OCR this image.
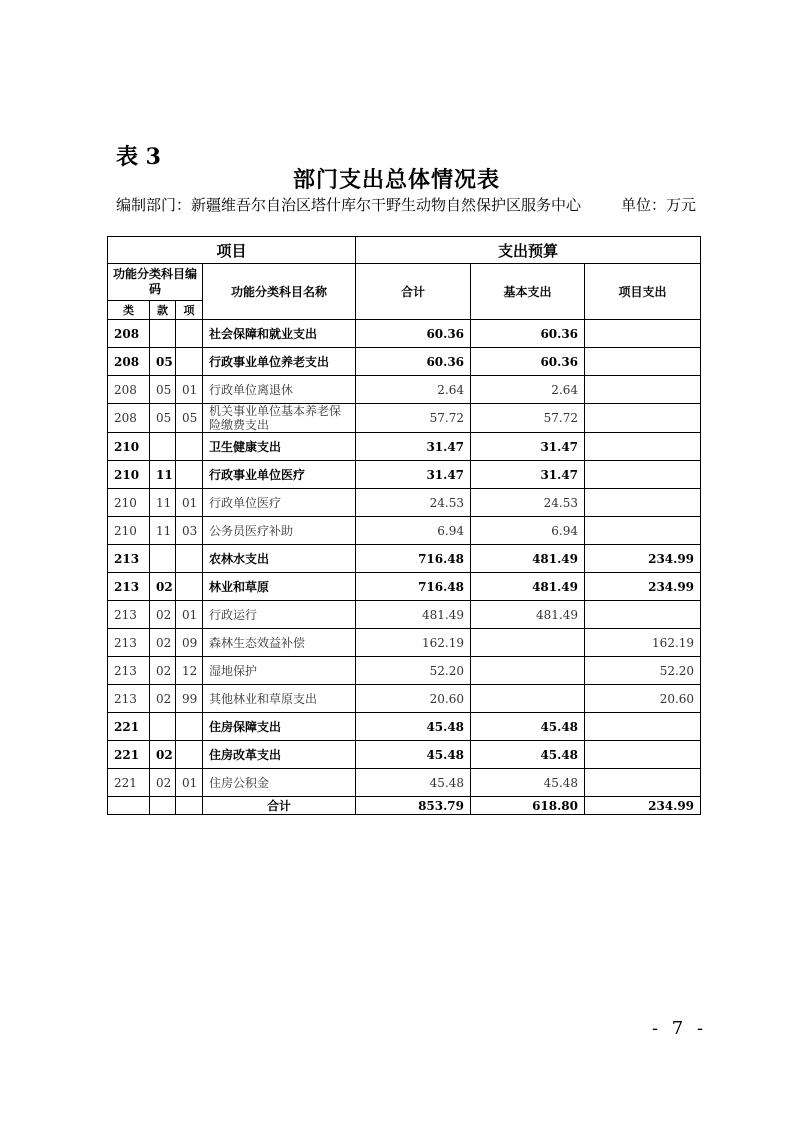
表 3
部门支出总体情况表
编制部门：新疆维吾尔自治区塔什库尔干野生动物自然保护区服务中心	单位：万元
项目				支出预算		
功能分类科目编码			功能分类科目名称	合计	基本支出	项目支出
类	款	项				
208			社会保障和就业支出	60.36	60.36	
208	05		行政事业单位养老支出	60.36	60.36	
208	05	01	行政单位离退休	2.64	2.64	
208	05	05	机关事业单位基本养老保险缴费支出	57.72	57.72	
210			卫生健康支出	31.47	31.47	
210	11		行政事业单位医疗	31.47	31.47	
210	11	01	行政单位医疗	24.53	24.53	
210	11	03	公务员医疗补助	6.94	6.94	
213			农林水支出	716.48	481.49	234.99
213	02		林业和草原	716.48	481.49	234.99
213	02	01	行政运行	481.49	481.49	
213	02	09	森林生态效益补偿	162.19		162.19
213	02	12	湿地保护	52.20		52.20
213	02	99	其他林业和草原支出	20.60		20.60
221			住房保障支出	45.48	45.48	
221	02		住房改革支出	45.48	45.48	
221	02	01	住房公积金	45.48	45.48	
			合计	853.79	618.80	234.99
- 7 -
